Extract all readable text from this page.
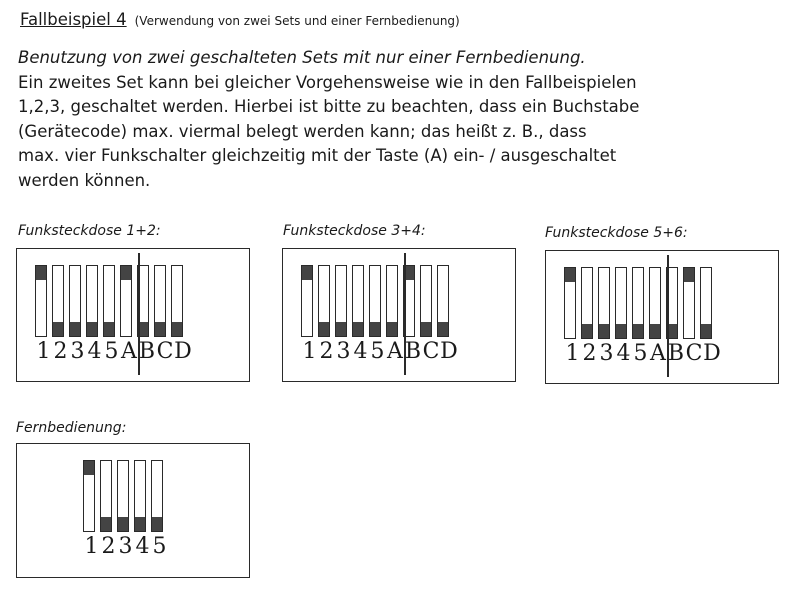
Fallbeispiel 4 (Verwendung von zwei Sets und einer Fernbedienung)
Benutzung von zwei geschalteten Sets mit nur einer Fernbedienung.
Ein zweites Set kann bei gleicher Vorgehensweise wie in den Fallbeispielen
1,2,3, geschaltet werden. Hierbei ist bitte zu beachten, dass ein Buchstabe
(Gerätecode) max. viermal belegt werden kann; das heißt z. B., dass
max. vier Funkschalter gleichzeitig mit der Taste (A) ein- / ausgeschaltet
werden können.
Funksteckdose 1+2:
1 2 3 4 5 A B C D
Funksteckdose 3+4:
1 2 3 4 5 A B C D
Funksteckdose 5+6:
1 2 3 4 5 A B C D
Fernbedienung:
1 2 3 4 5
